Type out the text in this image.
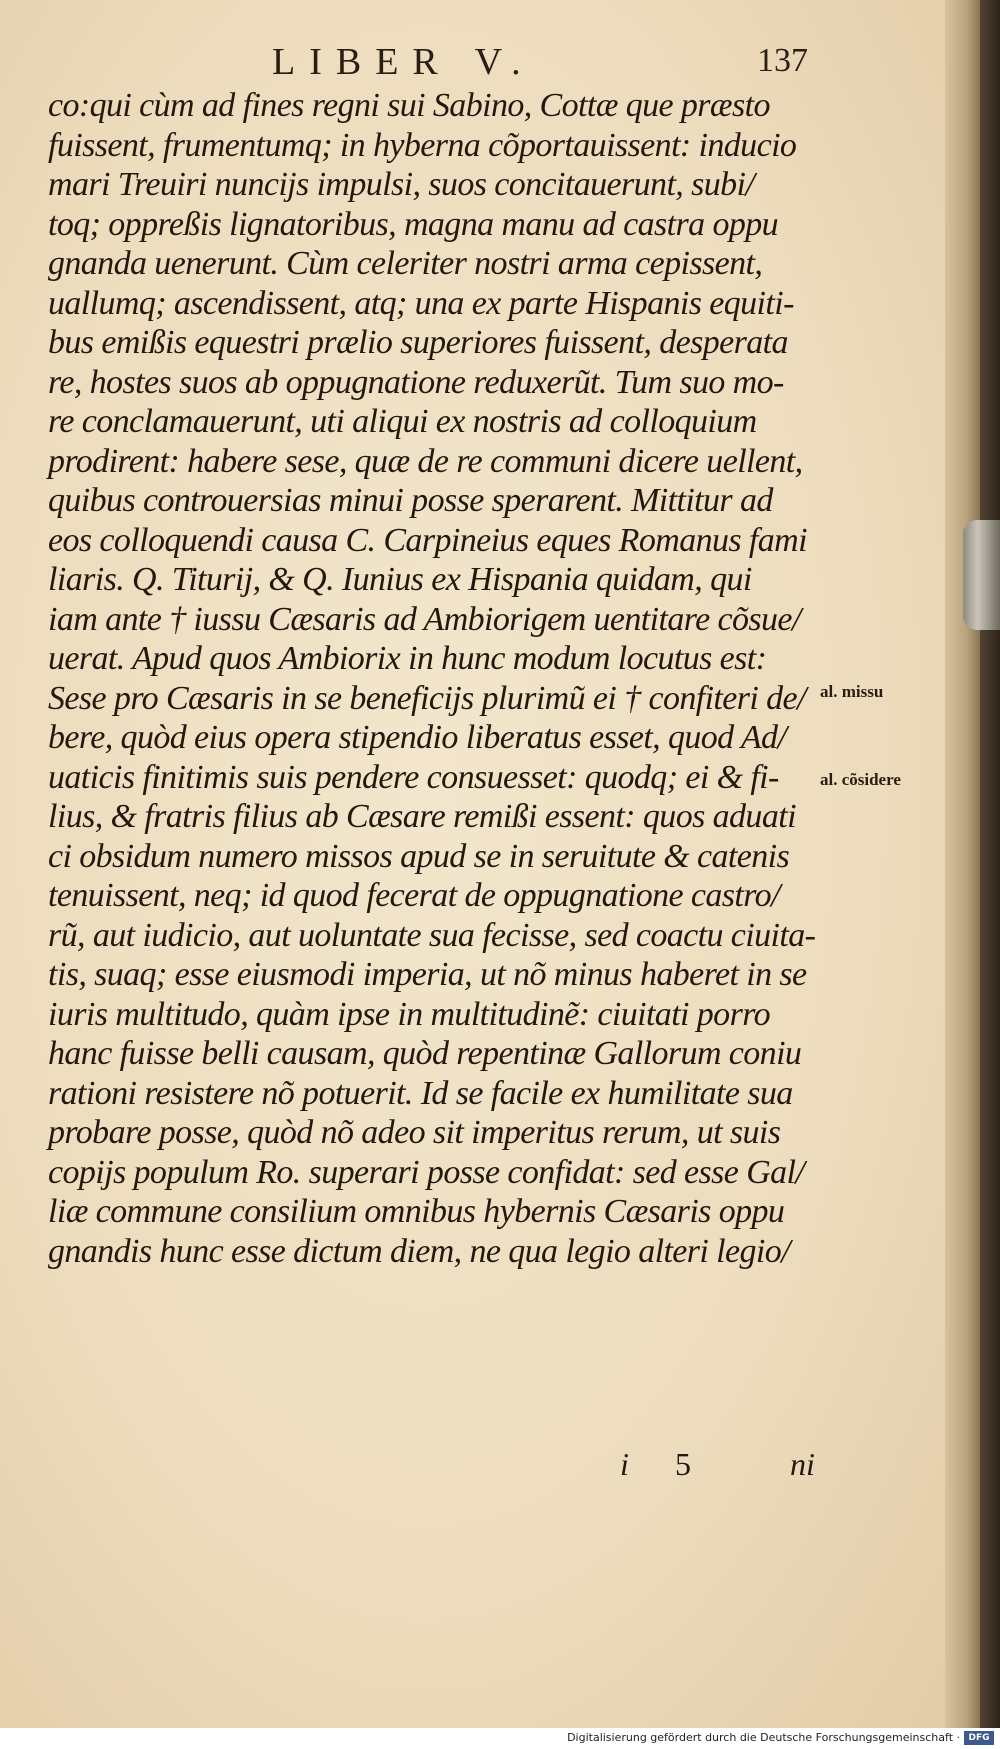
LIBER V.	137
co:qui cùm ad fines regni sui Sabino, Cottæ que præsto
fuissent, frumentumq; in hyberna cõportauissent: inducio
mari Treuiri nuncijs impulsi, suos concitauerunt, subi/
toq; oppreßis lignatoribus, magna manu ad castra oppu
gnanda uenerunt. Cùm celeriter nostri arma cepissent,
uallumq; ascendissent, atq; una ex parte Hispanis equiti-
bus emißis equestri prælio superiores fuissent, desperata
re, hostes suos ab oppugnatione reduxerũt. Tum suo mo-
re conclamauerunt, uti aliqui ex nostris ad colloquium
prodirent: habere sese, quæ de re communi dicere uellent,
quibus controuersias minui posse sperarent. Mittitur ad
eos colloquendi causa C. Carpineius eques Romanus fami
liaris. Q. Titurij, & Q. Iunius ex Hispania quidam, qui
iam ante † iussu Cæsaris ad Ambiorigem uentitare cõsue/
uerat. Apud quos Ambiorix in hunc modum locutus est:
Sese pro Cæsaris in se beneficijs plurimũ ei † confiteri de/
bere, quòd eius opera stipendio liberatus esset, quod Ad/
uaticis finitimis suis pendere consuesset: quodq; ei & fi-
lius, & fratris filius ab Cæsare remißi essent: quos aduati
ci obsidum numero missos apud se in seruitute & catenis
tenuissent, neq; id quod fecerat de oppugnatione castro/
rũ, aut iudicio, aut uoluntate sua fecisse, sed coactu ciuita-
tis, suaq; esse eiusmodi imperia, ut nõ minus haberet in se
iuris multitudo, quàm ipse in multitudinẽ: ciuitati porro
hanc fuisse belli causam, quòd repentinæ Gallorum coniu
rationi resistere nõ potuerit. Id se facile ex humilitate sua
probare posse, quòd nõ adeo sit imperitus rerum, ut suis
copijs populum Ro. superari posse confidat: sed esse Gal/
liæ commune consilium omnibus hybernis Cæsaris oppu
gnandis hunc esse dictum diem, ne qua legio alteri legio/
al. missu
al. cõsidere
i 5	ni
Digitalisierung gefördert durch die Deutsche Forschungsgemeinschaft · DFG
